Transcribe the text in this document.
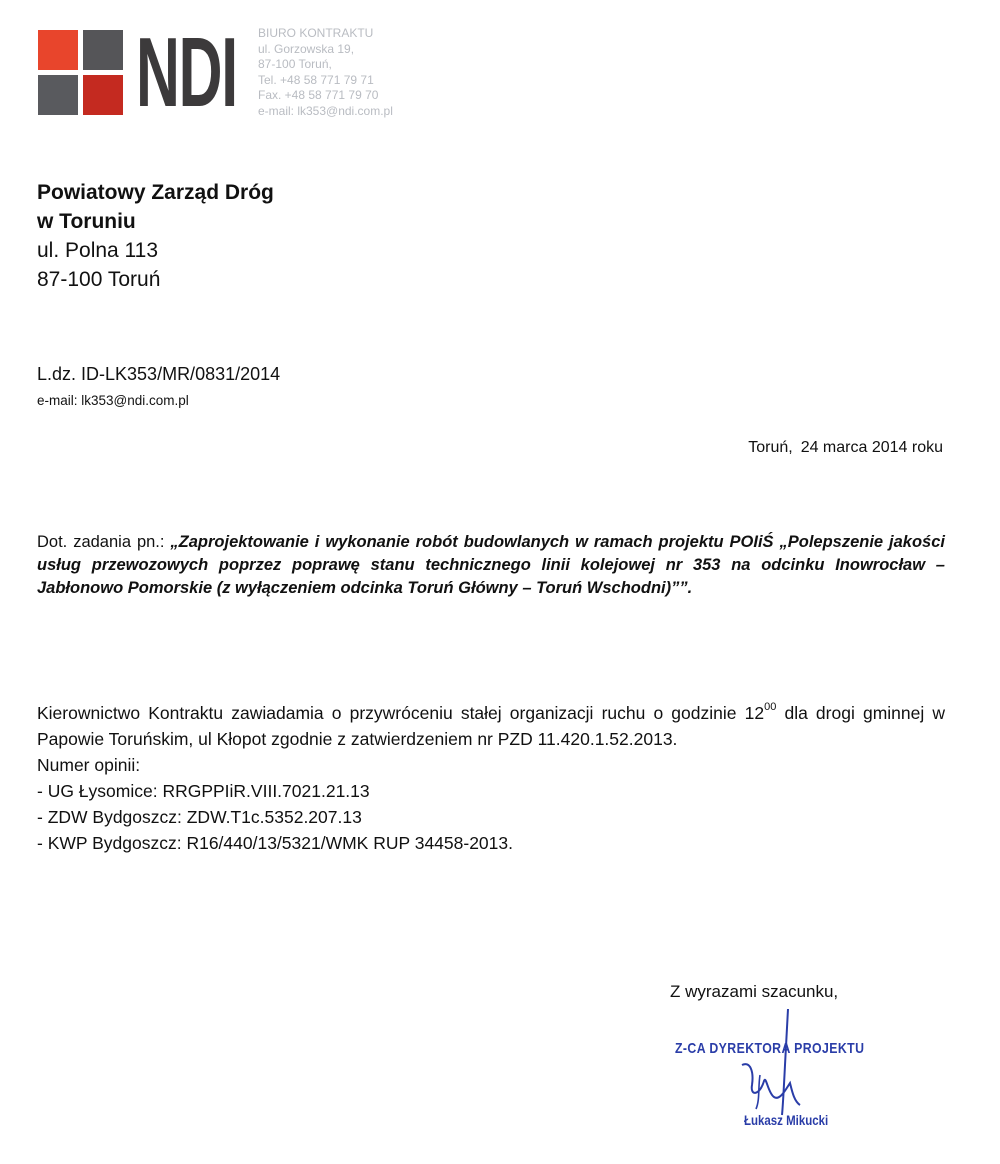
NDI BIURO KONTRAKTU
ul. Gorzowska 19,
87-100 Toruń,
Tel. +48 58 771 79 71
Fax. +48 58 771 79 70
e-mail: lk353@ndi.com.pl
Powiatowy Zarząd Dróg
w Toruniu
ul. Polna 113
87-100 Toruń
L.dz. ID-LK353/MR/0831/2014
e-mail: lk353@ndi.com.pl
Toruń, 24 marca 2014 roku
Dot. zadania pn.: „Zaprojektowanie i wykonanie robót budowlanych w ramach projektu POIiŚ „Polepszenie jakości usług przewozowych poprzez poprawę stanu technicznego linii kolejowej nr 353 na odcinku Inowrocław – Jabłonowo Pomorskie (z wyłączeniem odcinka Toruń Główny – Toruń Wschodni)””.

Kierownictwo Kontraktu zawiadamia o przywróceniu stałej organizacji ruchu o godzinie $12^{00}$ dla drogi gminnej w Papowie Toruńskim, ul Kłopot zgodnie z zatwierdzeniem nr PZD 11.420.1.52.2013.

Numer opinii:
- UG Łysomice: RRGPPIiR.VIII.7021.21.13
- ZDW Bydgoszcz: ZDW.T1c.5352.207.13
- KWP Bydgoszcz: R16/440/13/5321/WMK RUP 34458-2013.
Z wyrazami szacunku,
Z-CA DYREKTORA PROJEKTU
Łukasz Mikucki
